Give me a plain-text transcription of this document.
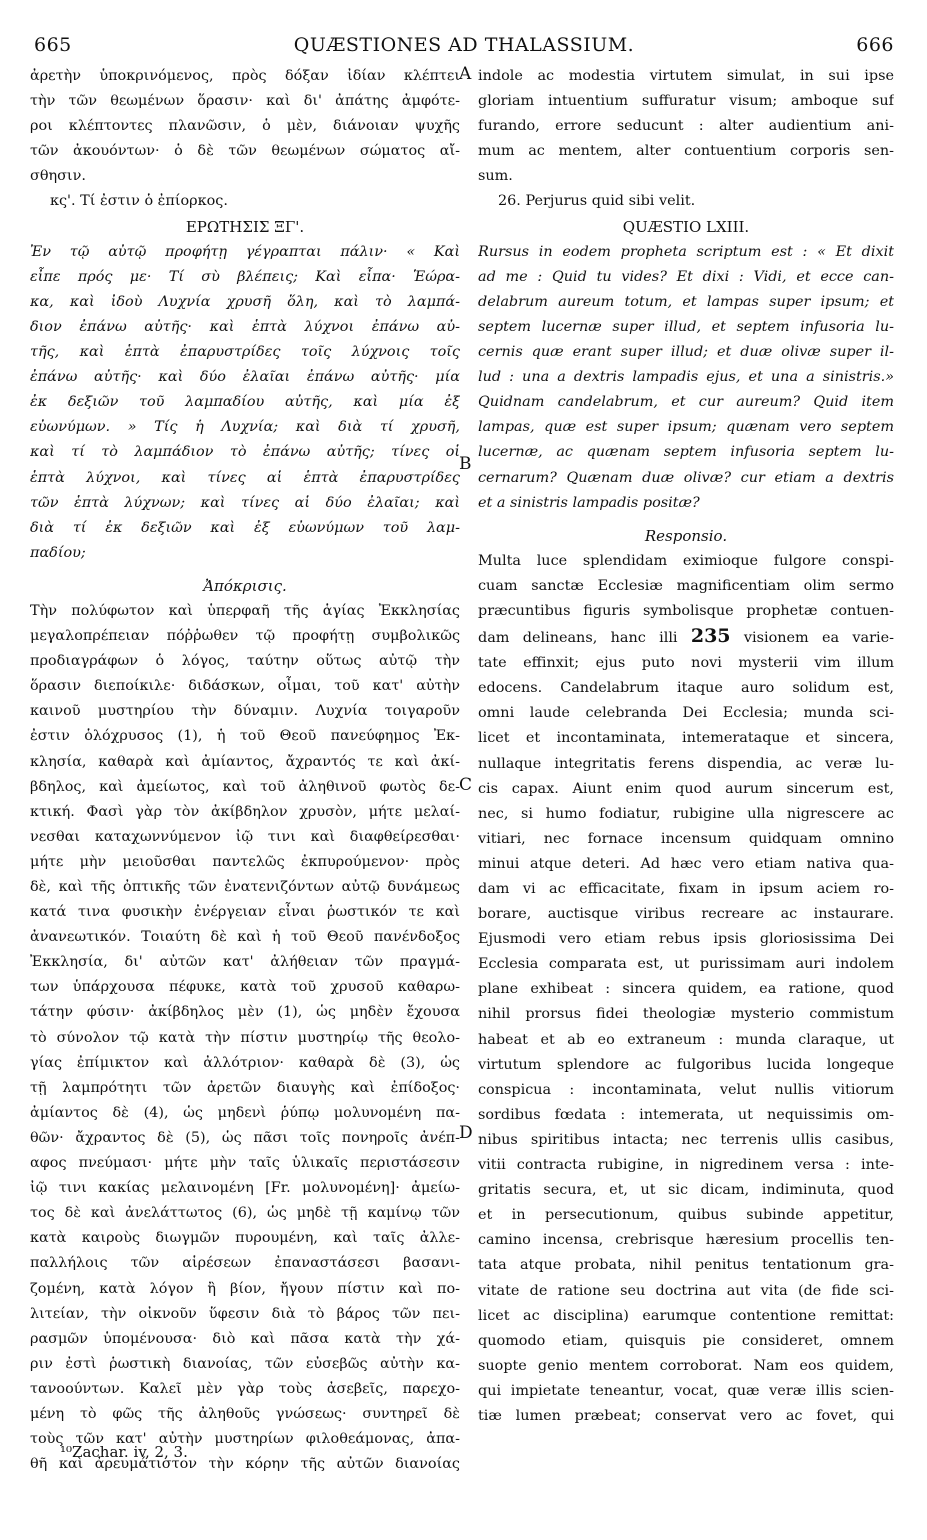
665	QUÆSTIONES AD THALASSIUM.	666
ἀρετὴν ὑποκρινόμενος, πρὸς δόξαν ἰδίαν κλέπτει
τὴν τῶν θεωμένων ὅρασιν· καὶ δι' ἀπάτης ἀμφότε-
ροι κλέπτοντες πλανῶσιν, ὁ μὲν, διάνοιαν ψυχῆς
τῶν ἀκουόντων· ὁ δὲ τῶν θεωμένων σώματος αἴ-
σθησιν.
κς'. Τί ἐστιν ὁ ἐπίορκος.
ΕΡΩΤΗΣΙΣ ΞΓ'.
Ἐν τῷ αὐτῷ προφήτῃ γέγραπται πάλιν· « Καὶ
εἶπε πρός με· Τί σὺ βλέπεις; Καὶ εἶπα· Ἑώρα-
κα, καὶ ἰδοὺ Λυχνία χρυσῆ ὅλη, καὶ τὸ λαμπά-
διον ἐπάνω αὐτῆς· καὶ ἑπτὰ λύχνοι ἐπάνω αὐ-
τῆς, καὶ ἑπτὰ ἐπαρυστρίδες τοῖς λύχνοις τοῖς
ἐπάνω αὐτῆς· καὶ δύο ἐλαῖαι ἐπάνω αὐτῆς· μία
ἐκ δεξιῶν τοῦ λαμπαδίου αὐτῆς, καὶ μία ἐξ
εὐωνύμων. » Τίς ἡ Λυχνία; καὶ διὰ τί χρυσῆ,
καὶ τί τὸ λαμπάδιον τὸ ἐπάνω αὐτῆς; τίνες οἱ
ἑπτὰ λύχνοι, καὶ τίνες αἱ ἑπτὰ ἐπαρυστρίδες
τῶν ἑπτὰ λύχνων; καὶ τίνες αἱ δύο ἐλαῖαι; καὶ
διὰ τί ἐκ δεξιῶν καὶ ἐξ εὐωνύμων τοῦ λαμ-
παδίου;
Ἀπόκρισις.
Τὴν πολύφωτον καὶ ὑπερφαῆ τῆς ἁγίας Ἐκκλησίας
μεγαλοπρέπειαν πόῤῥωθεν τῷ προφήτῃ συμβολικῶς
προδιαγράφων ὁ λόγος, ταύτην οὕτως αὐτῷ τὴν
ὅρασιν διεποίκιλε· διδάσκων, οἶμαι, τοῦ κατ' αὐτὴν
καινοῦ μυστηρίου τὴν δύναμιν. Λυχνία τοιγαροῦν
ἐστιν ὁλόχρυσος (1), ἡ τοῦ Θεοῦ πανεύφημος Ἐκ-
κλησία, καθαρὰ καὶ ἀμίαντος, ἄχραντός τε καὶ ἀκί-
βδηλος, καὶ ἀμείωτος, καὶ τοῦ ἀληθινοῦ φωτὸς δε-
κτική. Φασὶ γὰρ τὸν ἀκίβδηλον χρυσὸν, μήτε μελαί-
νεσθαι καταχωννύμενον ἰῷ τινι καὶ διαφθείρεσθαι·
μήτε μὴν μειοῦσθαι παντελῶς ἐκπυρούμενον· πρὸς
δὲ, καὶ τῆς ὀπτικῆς τῶν ἐνατενιζόντων αὐτῷ δυνάμεως
κατά τινα φυσικὴν ἐνέργειαν εἶναι ῥωστικόν τε καὶ
ἀνανεωτικόν. Τοιαύτη δὲ καὶ ἡ τοῦ Θεοῦ πανένδοξος
Ἐκκλησία, δι' αὐτῶν κατ' ἀλήθειαν τῶν πραγμά-
των ὑπάρχουσα πέφυκε, κατὰ τοῦ χρυσοῦ καθαρω-
τάτην φύσιν· ἀκίβδηλος μὲν (1), ὡς μηδὲν ἔχουσα
τὸ σύνολον τῷ κατὰ τὴν πίστιν μυστηρίῳ τῆς θεολο-
γίας ἐπίμικτον καὶ ἀλλότριον· καθαρὰ δὲ (3), ὡς
τῇ λαμπρότητι τῶν ἀρετῶν διαυγὴς καὶ ἐπίδοξος·
ἀμίαντος δὲ (4), ὡς μηδενὶ ῥύπῳ μολυνομένη πα-
θῶν· ἄχραντος δὲ (5), ὡς πᾶσι τοῖς πονηροῖς ἀνέπ-
αφος πνεύμασι· μήτε μὴν ταῖς ὑλικαῖς περιστάσεσιν
ἰῷ τινι κακίας μελαινομένη [Fr. μολυνομένη]· ἀμείω-
τος δὲ καὶ ἀνελάττωτος (6), ὡς μηδὲ τῇ καμίνῳ τῶν
κατὰ καιροὺς διωγμῶν πυρουμένη, καὶ ταῖς ἀλλε-
παλλήλοις τῶν αἱρέσεων ἐπαναστάσεσι βασανι-
ζομένη, κατὰ λόγον ἢ βίον, ἤγουν πίστιν καὶ πο-
λιτείαν, τὴν οἰκνοῦν ὕφεσιν διὰ τὸ βάρος τῶν πει-
ρασμῶν ὑπομένουσα· διὸ καὶ πᾶσα κατὰ τὴν χά-
ριν ἐστὶ ῥωστικὴ διανοίας, τῶν εὐσεβῶς αὐτὴν κα-
τανοούντων. Καλεῖ μὲν γὰρ τοὺς ἀσεβεῖς, παρεχο-
μένη τὸ φῶς τῆς ἀληθοῦς γνώσεως· συντηρεῖ δὲ
τοὺς τῶν κατ' αὐτὴν μυστηρίων φιλοθεάμονας, ἀπα-
θῆ καὶ ἀρευμάτιστον τὴν κόρην τῆς αὐτῶν διανοίας
indole ac modestia virtutem simulat, in sui ipse
gloriam intuentium suffuratur visum; amboque suf
furando, errore seducunt : alter audientium ani-
mum ac mentem, alter contuentium corporis sen-
sum.
26. Perjurus quid sibi velit.
QUÆSTIO LXIII.
Rursus in eodem propheta scriptum est : « Et dixit
ad me : Quid tu vides? Et dixi : Vidi, et ecce can-
delabrum aureum totum, et lampas super ipsum; et
septem lucernæ super illud, et septem infusoria lu-
cernis quæ erant super illud; et duæ olivæ super il-
lud : una a dextris lampadis ejus, et una a sinistris.»
Quidnam candelabrum, et cur aureum? Quid item
lampas, quæ est super ipsum; quænam vero septem
lucernæ, ac quænam septem infusoria septem lu-
cernarum? Quænam duæ olivæ? cur etiam a dextris
et a sinistris lampadis positæ?
Responsio.
Multa luce splendidam eximioque fulgore conspi-
cuam sanctæ Ecclesiæ magnificentiam olim sermo
præcuntibus figuris symbolisque prophetæ contuen-
dam delineans, hanc illi 235 visionem ea varie-
tate effinxit; ejus puto novi mysterii vim illum
edocens. Candelabrum itaque auro solidum est,
omni laude celebranda Dei Ecclesia; munda sci-
licet et incontaminata, intemerataque et sincera,
nullaque integritatis ferens dispendia, ac veræ lu-
cis capax. Aiunt enim quod aurum sincerum est,
nec, si humo fodiatur, rubigine ulla nigrescere ac
vitiari, nec fornace incensum quidquam omnino
minui atque deteri. Ad hæc vero etiam nativa qua-
dam vi ac efficacitate, fixam in ipsum aciem ro-
borare, auctisque viribus recreare ac instaurare.
Ejusmodi vero etiam rebus ipsis gloriosissima Dei
Ecclesia comparata est, ut purissimam auri indolem
plane exhibeat : sincera quidem, ea ratione, quod
nihil prorsus fidei theologiæ mysterio commistum
habeat et ab eo extraneum : munda claraque, ut
virtutum splendore ac fulgoribus lucida longeque
conspicua : incontaminata, velut nullis vitiorum
sordibus fœdata : intemerata, ut nequissimis om-
nibus spiritibus intacta; nec terrenis ullis casibus,
vitii contracta rubigine, in nigredinem versa : inte-
gritatis secura, et, ut sic dicam, indiminuta, quod
et in persecutionum, quibus subinde appetitur,
camino incensa, crebrisque hæresium procellis ten-
tata atque probata, nihil penitus tentationum gra-
vitate de ratione seu doctrina aut vita (de fide sci-
licet ac disciplina) earumque contentione remittat:
quomodo etiam, quisquis pie consideret, omnem
suopte genio mentem corroborat. Nam eos quidem,
qui impietate teneantur, vocat, quæ veræ illis scien-
tiæ lumen præbeat; conservat vero ac fovet, qui
A
B
C
D
¹⁰Zachar. iv, 2, 3.
